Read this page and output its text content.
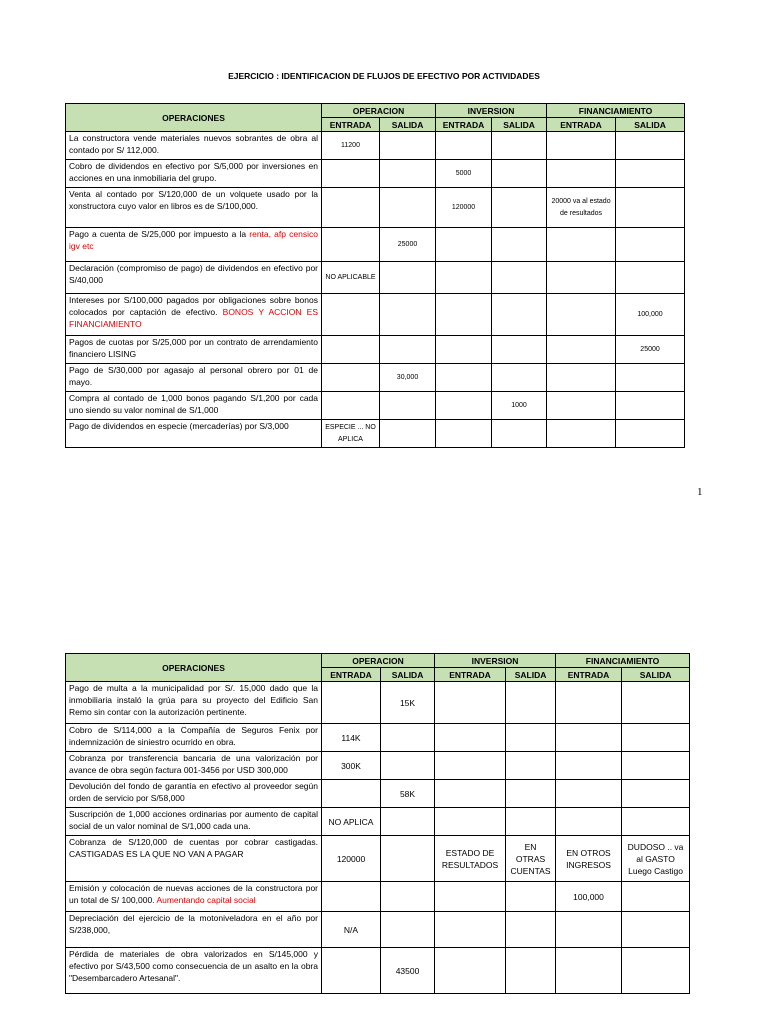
EJERCICIO : IDENTIFICACION DE FLUJOS DE EFECTIVO POR ACTIVIDADES
OPERACIONES	OPERACION		INVERSION		FINANCIAMIENTO	
	ENTRADA	SALIDA	ENTRADA	SALIDA	ENTRADA	SALIDA
La constructora vende materiales nuevos sobrantes de obra al contado por S/ 112,000.	11200					
Cobro de dividendos en efectivo por S/5,000 por inversiones en acciones en una inmobiliaria del grupo.			5000			
Venta al contado por S/120,000 de un volquete usado por la xonstructora cuyo valor en libros es de S/100,000.			120000		20000 va al estado de resultados	
Pago a cuenta de S/25,000 por impuesto a la renta, afp censico igv etc		25000				
Declaración (compromiso de pago) de dividendos en efectivo por S/40,000	NO APLICABLE					
Intereses por S/100,000 pagados por obligaciones sobre bonos colocados por captación de efectivo. BONOS Y ACCION ES FINANCIAMIENTO						100,000
Pagos de cuotas por S/25,000 por un contrato de arrendamiento financiero LISING						25000
Pago de S/30,000 por agasajo al personal obrero por 01 de mayo.		30,000				
Compra al contado de 1,000 bonos pagando S/1,200 por cada uno siendo su valor nominal de S/1,000				1000		
Pago de dividendos en especie (mercaderías) por S/3,000	ESPECIE ... NO APLICA					
1
OPERACIONES	OPERACION		INVERSION		FINANCIAMIENTO	
	ENTRADA	SALIDA	ENTRADA	SALIDA	ENTRADA	SALIDA
Pago de multa a la municipalidad por S/. 15,000 dado que la inmobiliaria instaló la grúa para su proyecto del Edificio San Remo sin contar con la autorización pertinente.		15K				
Cobro de S/114,000 a la Compañía de Seguros Fenix por indemnización de siniestro ocurrido en obra.	114K					
Cobranza por transferencia bancaria de una valorización por avance de obra según factura 001-3456 por USD 300,000	300K					
Devolución del fondo de garantía en efectivo al proveedor según orden de servicio por S/58,000		58K				
Suscripción de 1,000 acciones ordinarias por aumento de capital social de un valor nominal de S/1,000 cada una.	NO APLICA					
Cobranza de S/120,000 de cuentas por cobrar castigadas. CASTIGADAS ES LA QUE NO VAN A PAGAR	120000		ESTADO DE RESULTADOS	EN OTRAS CUENTAS	EN OTROS INGRESOS	DUDOSO .. va al GASTO Luego Castigo
Emisión y colocación de nuevas acciones de la constructora por un total de S/ 100,000. Aumentando capital social					100,000	
Depreciación del ejercicio de la motoniveladora en el año por S/238,000,	N/A					
Pérdida de materiales de obra valorizados en S/145,000 y efectivo por S/43,500 como consecuencia de un asalto en la obra "Desembarcadero Artesanal".		43500				
